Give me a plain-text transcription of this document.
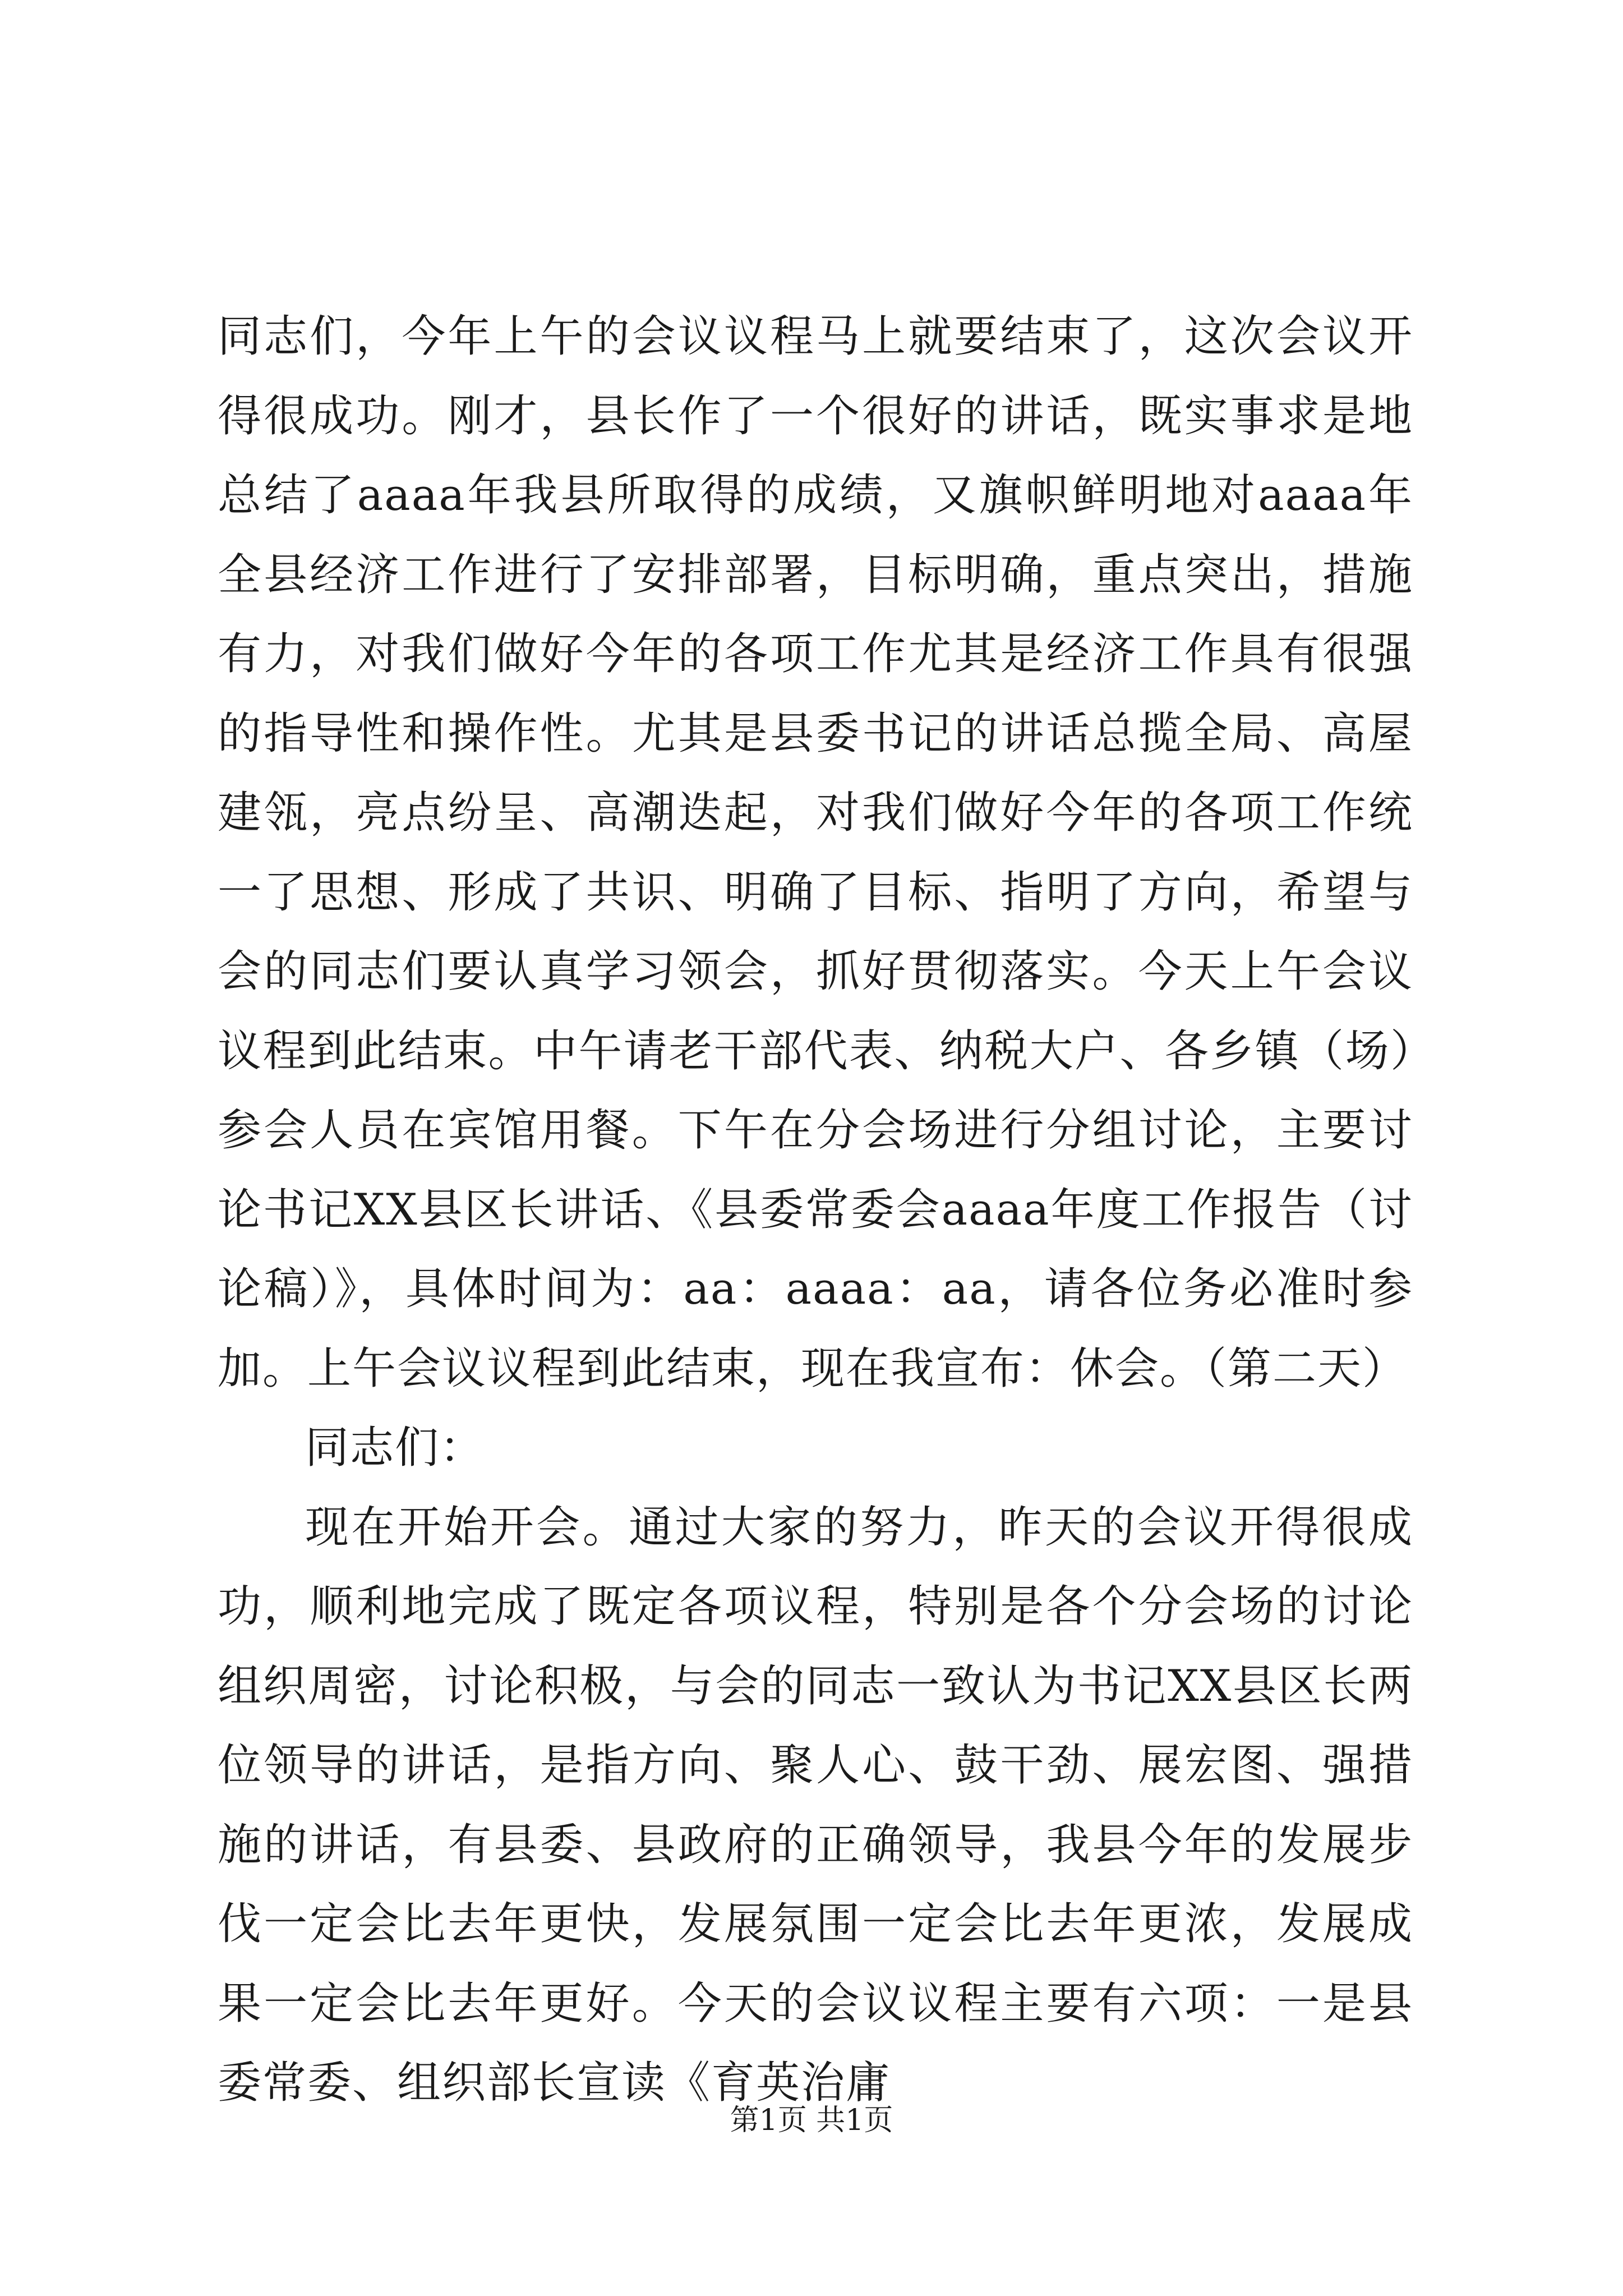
同志们，今年上午的会议议程马上就要结束了，这次会议开得很成功。刚才，县长作了一个很好的讲话，既实事求是地总结了aaaa年我县所取得的成绩，又旗帜鲜明地对aaaa年全县经济工作进行了安排部署，目标明确，重点突出，措施有力，对我们做好今年的各项工作尤其是经济工作具有很强的指导性和操作性。尤其是县委书记的讲话总揽全局、高屋建瓴，亮点纷呈、高潮迭起，对我们做好今年的各项工作统一了思想、形成了共识、明确了目标、指明了方向，希望与会的同志们要认真学习领会，抓好贯彻落实。今天上午会议议程到此结束。中午请老干部代表、纳税大户、各乡镇（场）参会人员在宾馆用餐。下午在分会场进行分组讨论，主要讨论书记XX县区长讲话、《县委常委会aaaa年度工作报告（讨论稿）》，具体时间为：aa：aaaa：aa，请各位务必准时参加。上午会议议程到此结束，现在我宣布：休会。（第二天）

同志们：

现在开始开会。通过大家的努力，昨天的会议开得很成功，顺利地完成了既定各项议程，特别是各个分会场的讨论组织周密，讨论积极，与会的同志一致认为书记XX县区长两位领导的讲话，是指方向、聚人心、鼓干劲、展宏图、强措施的讲话，有县委、县政府的正确领导，我县今年的发展步伐一定会比去年更快，发展氛围一定会比去年更浓，发展成果一定会比去年更好。今天的会议议程主要有六项：一是县委常委、组织部长宣读《育英治庸

第1页 共1页
